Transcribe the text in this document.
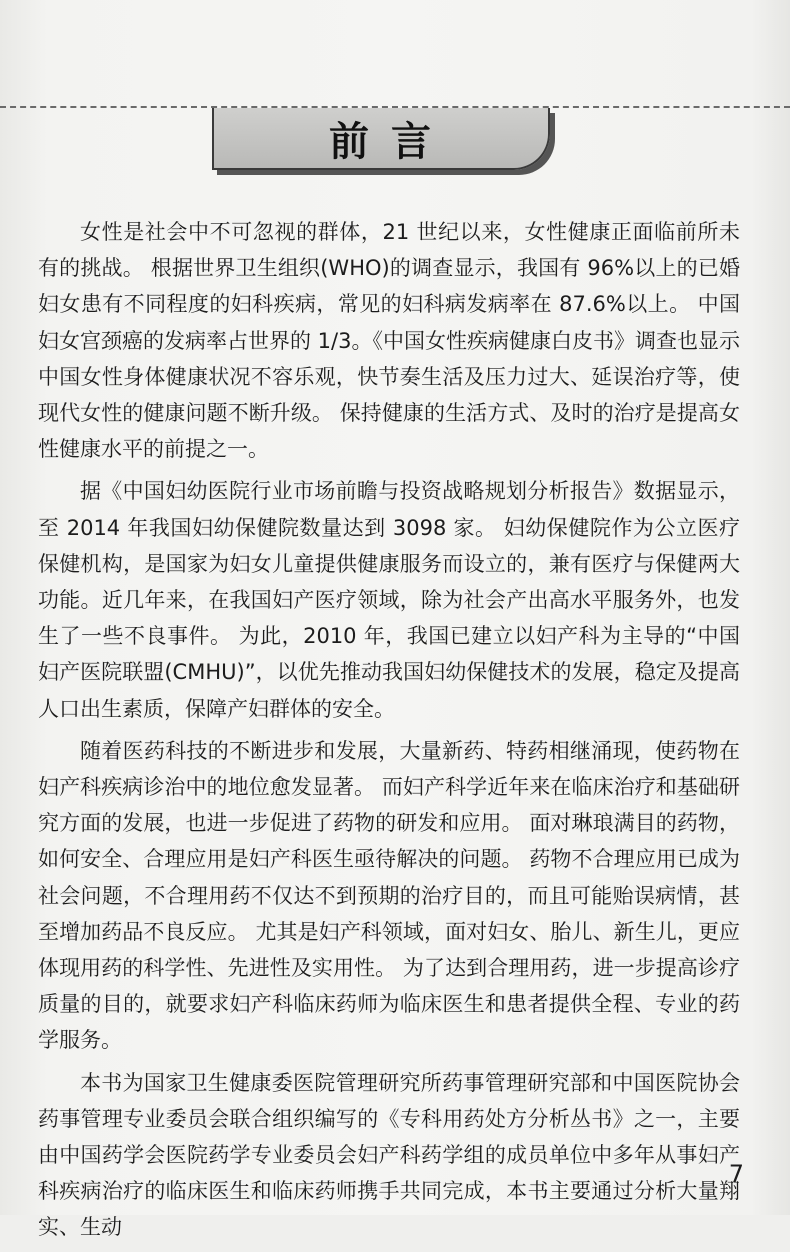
前言

女性是社会中不可忽视的群体，21 世纪以来，女性健康正面临前所未有的挑战。 根据世界卫生组织(WHO)的调查显示，我国有 96%以上的已婚妇女患有不同程度的妇科疾病，常见的妇科病发病率在 87.6%以上。 中国妇女宫颈癌的发病率占世界的 1/3。《中国女性疾病健康白皮书》调查也显示中国女性身体健康状况不容乐观，快节奏生活及压力过大、延误治疗等，使现代女性的健康问题不断升级。 保持健康的生活方式、及时的治疗是提高女性健康水平的前提之一。

据《中国妇幼医院行业市场前瞻与投资战略规划分析报告》数据显示，至 2014 年我国妇幼保健院数量达到 3098 家。 妇幼保健院作为公立医疗保健机构，是国家为妇女儿童提供健康服务而设立的，兼有医疗与保健两大功能。近几年来，在我国妇产医疗领域，除为社会产出高水平服务外，也发生了一些不良事件。 为此，2010 年，我国已建立以妇产科为主导的“中国妇产医院联盟(CMHU)”，以优先推动我国妇幼保健技术的发展，稳定及提高人口出生素质，保障产妇群体的安全。

随着医药科技的不断进步和发展，大量新药、特药相继涌现，使药物在妇产科疾病诊治中的地位愈发显著。 而妇产科学近年来在临床治疗和基础研究方面的发展，也进一步促进了药物的研发和应用。 面对琳琅满目的药物，如何安全、合理应用是妇产科医生亟待解决的问题。 药物不合理应用已成为社会问题，不合理用药不仅达不到预期的治疗目的，而且可能贻误病情，甚至增加药品不良反应。 尤其是妇产科领域，面对妇女、胎儿、新生儿，更应体现用药的科学性、先进性及实用性。 为了达到合理用药，进一步提高诊疗质量的目的，就要求妇产科临床药师为临床医生和患者提供全程、专业的药学服务。

本书为国家卫生健康委医院管理研究所药事管理研究部和中国医院协会药事管理专业委员会联合组织编写的《专科用药处方分析丛书》之一，主要由中国药学会医院药学专业委员会妇产科药学组的成员单位中多年从事妇产科疾病治疗的临床医生和临床药师携手共同完成，本书主要通过分析大量翔实、生动

7
